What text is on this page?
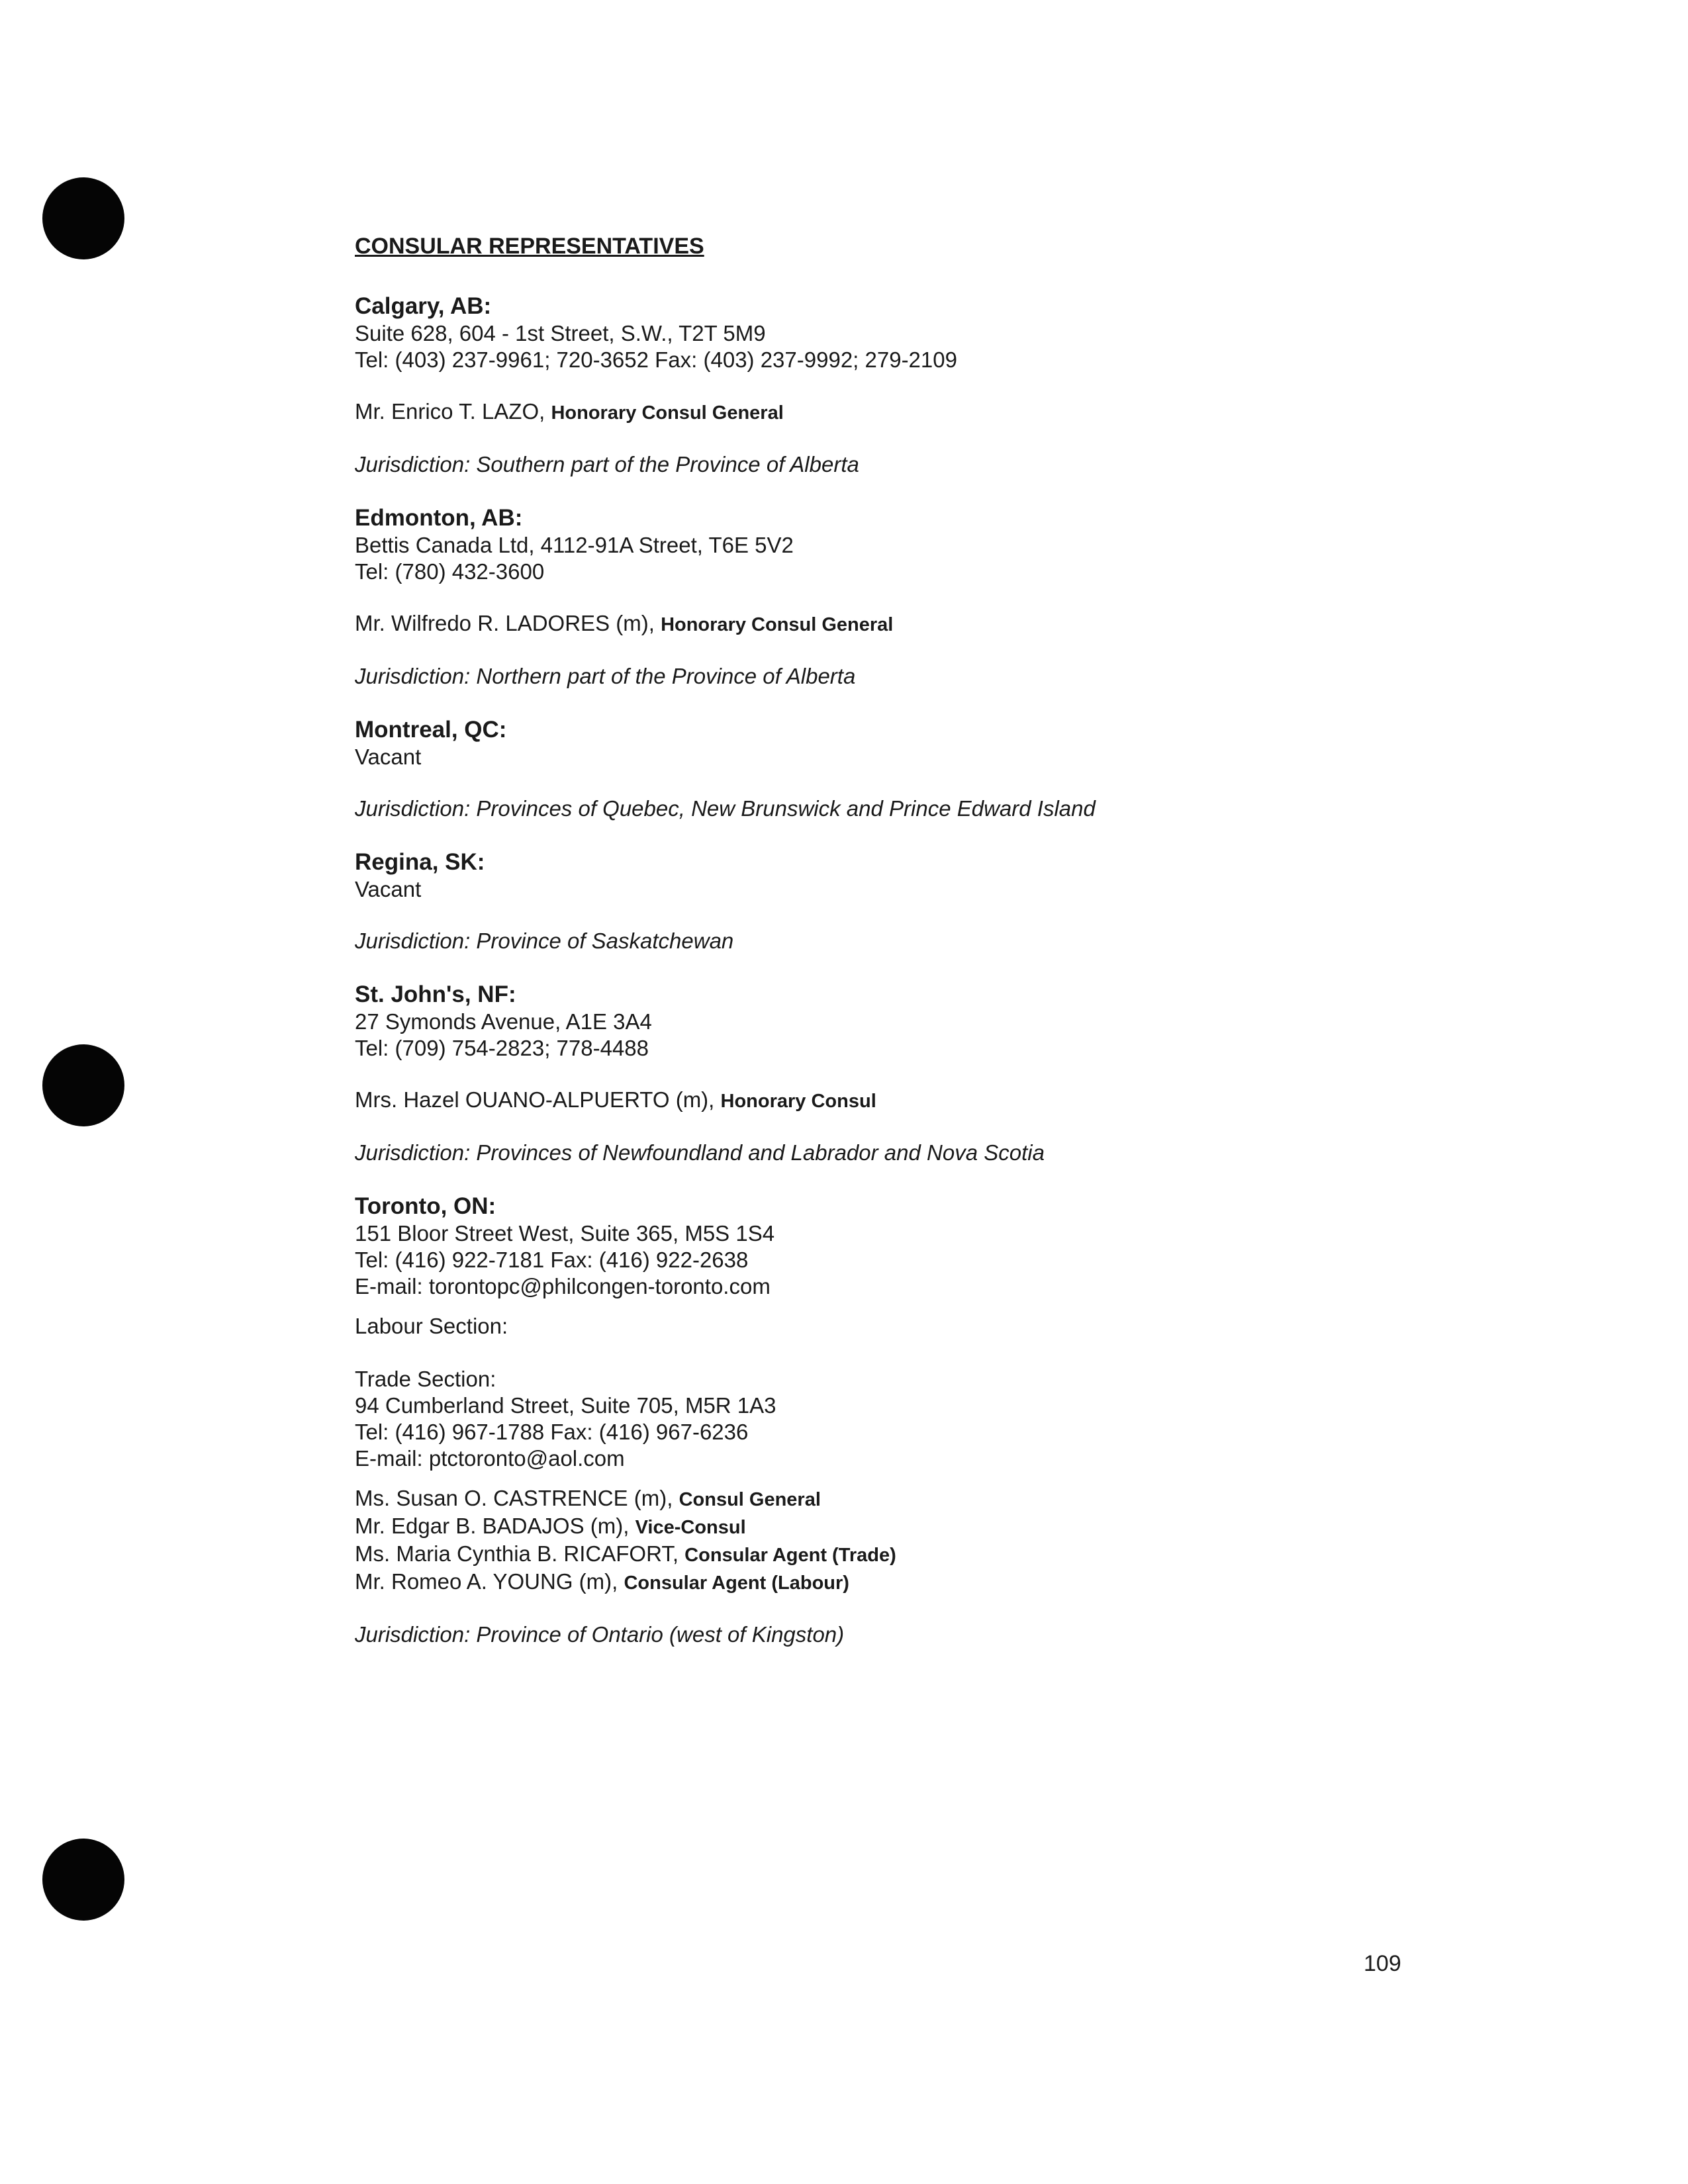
CONSULAR REPRESENTATIVES
Calgary, AB:
Suite 628, 604 - 1st Street, S.W., T2T 5M9
Tel: (403) 237-9961; 720-3652 Fax: (403) 237-9992; 279-2109
Mr. Enrico T. LAZO, Honorary Consul General
Jurisdiction: Southern part of the Province of Alberta
Edmonton, AB:
Bettis Canada Ltd, 4112-91A Street, T6E 5V2
Tel: (780) 432-3600
Mr. Wilfredo R. LADORES (m), Honorary Consul General
Jurisdiction: Northern part of the Province of Alberta
Montreal, QC:
Vacant
Jurisdiction: Provinces of Quebec, New Brunswick and Prince Edward Island
Regina, SK:
Vacant
Jurisdiction: Province of Saskatchewan
St. John's, NF:
27 Symonds Avenue, A1E 3A4
Tel: (709) 754-2823; 778-4488
Mrs. Hazel OUANO-ALPUERTO (m), Honorary Consul
Jurisdiction: Provinces of Newfoundland and Labrador and Nova Scotia
Toronto, ON:
151 Bloor Street West, Suite 365, M5S 1S4
Tel: (416) 922-7181 Fax: (416) 922-2638
E-mail: torontopc@philcongen-toronto.com
Labour Section:
Trade Section:
94 Cumberland Street, Suite 705, M5R 1A3
Tel: (416) 967-1788 Fax: (416) 967-6236
E-mail: ptctoronto@aol.com
Ms. Susan O. CASTRENCE (m), Consul General
Mr. Edgar B. BADAJOS (m), Vice-Consul
Ms. Maria Cynthia B. RICAFORT, Consular Agent (Trade)
Mr. Romeo A. YOUNG (m), Consular Agent (Labour)
Jurisdiction: Province of Ontario (west of Kingston)
109
